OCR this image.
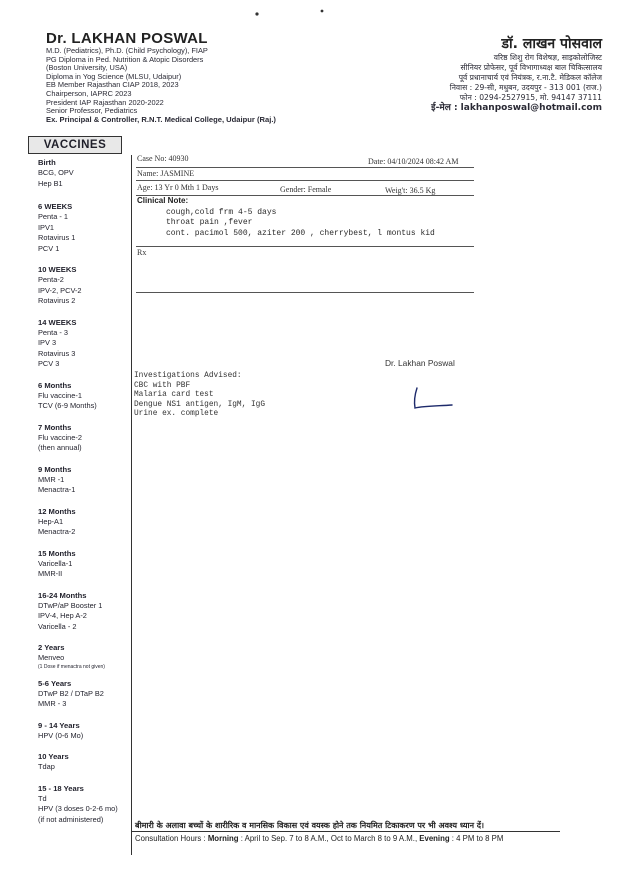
Dr. LAKHAN POSWAL
M.D. (Pediatrics), Ph.D. (Child Psychology), FIAP
PG Diploma in Ped. Nutrition & Atopic Disorders
(Boston University, USA)
Diploma in Yog Science (MLSU, Udaipur)
EB Member Rajasthan CIAP 2018, 2023
Chairperson, IAPRC 2023
President IAP Rajasthan 2020-2022
Senior Professor, Pediatrics
Ex. Principal & Controller, R.N.T. Medical College, Udaipur (Raj.)
डॉ. लाखन पोसवाल
वरिष्ठ शिशु रोग विशेषज्ञ, साइकोलोजिस्ट
सीनियर प्रोफेसर, पूर्व विभागाध्यक्ष बाल चिकित्सालय
पूर्व प्रधानाचार्य एवं नियंत्रक, र.ना.टै. मेडिकल कॉलेज
निवास : 29-सी, मधुबन, उदयपुर - 313 001 (राज.)
फोन : 0294-2527915, मो. 94147 37111
ई-मेल : lakhanposwal@hotmail.com
VACCINES
Birth
BCG, OPV
Hep B1
6 WEEKS
Penta - 1
IPV1
Rotavirus 1
PCV 1
10 WEEKS
Penta-2
IPV-2, PCV-2
Rotavirus 2
14 WEEKS
Penta - 3
IPV 3
Rotavirus 3
PCV 3
6 Months
Flu vaccine-1
TCV (6-9 Months)
7 Months
Flu vaccine-2
(then annual)
9 Months
MMR -1
Menactra-1
12 Months
Hep-A1
Menactra-2
15 Months
Varicella-1
MMR-II
16-24 Months
DTwP/aP Booster 1
IPV-4, Hep A-2
Varicella - 2
2 Years
Menveo
(1 Dose if menactra not given)
5-6 Years
DTwP B2 / DTaP B2
MMR - 3
9 - 14 Years
HPV (0-6 Mo)
10 Years
Tdap
15 - 18 Years
Td
HPV (3 doses 0-2-6 mo)
(if not administered)
Case No: 40930	Date: 04/10/2024 08:42 AM
Name: JASMINE
Age: 13 Yr 0 Mth 1 Days	Gender: Female	Weig't: 36.5 Kg
Clinical Note:
cough,cold frm 4-5 days
throat pain ,fever
cont. pacimol 500, aziter 200 , cherrybest, l montus kid
Rx
Dr. Lakhan Poswal
Investigations Advised:
CBC with PBF
Malaria card test
Dengue NS1 antigen, IgM, IgG
Urine ex. complete
बीमारी के अलावा बच्चों के शारीरिक व मानसिक विकास एवं वयस्क होने तक नियमित टिकाकरण पर भी अवश्य ध्यान दें।
Consultation Hours : Morning : April to Sep. 7 to 8 A.M., Oct to March 8 to 9 A.M., Evening : 4 PM to 8 PM
